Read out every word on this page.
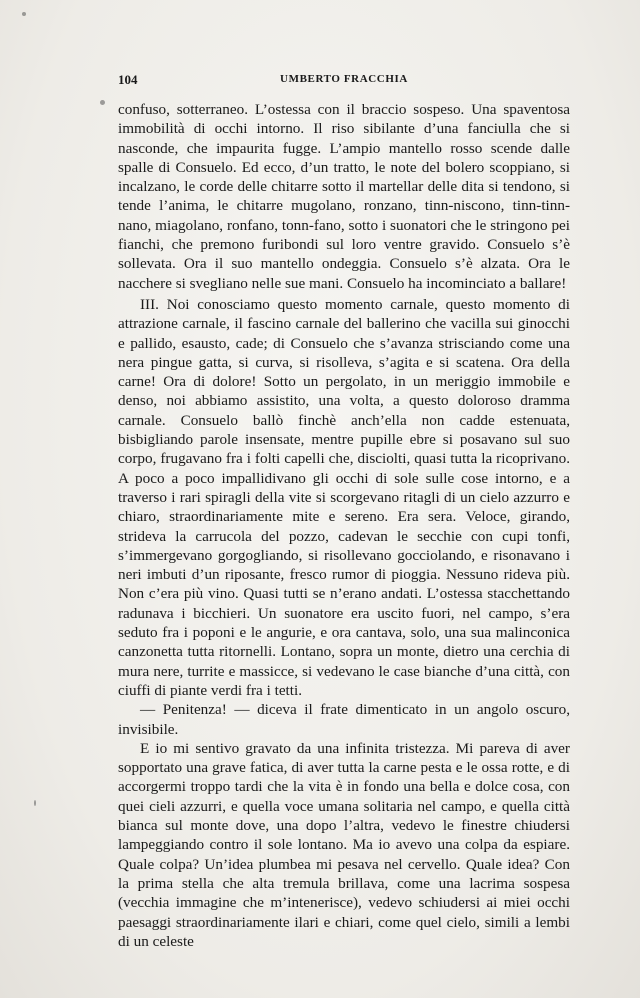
104	UMBERTO FRACCHIA

confuso, sotterraneo. L’ostessa con il braccio sospeso. Una spaventosa immobilità di occhi intorno. Il riso sibilante d’una fanciulla che si nasconde, che impaurita fugge. L’ampio mantello rosso scende dalle spalle di Consuelo. Ed ecco, d’un tratto, le note del bolero scoppiano, si incalzano, le corde delle chitarre sotto il martellar delle dita si tendono, si tende l’anima, le chitarre mugolano, ronzano, tinn-niscono, tinn-tinn-nano, miagolano, ronfano, tonn-fano, sotto i suonatori che le stringono pei fianchi, che premono furibondi sul loro ventre gravido. Consuelo s’è sollevata. Ora il suo mantello ondeggia. Consuelo s’è alzata. Ora le nacchere si svegliano nelle sue mani. Consuelo ha incominciato a ballare!

III. Noi conosciamo questo momento carnale, questo momento di attrazione carnale, il fascino carnale del ballerino che vacilla sui ginocchi e pallido, esausto, cade; di Consuelo che s’avanza strisciando come una nera pingue gatta, si curva, si risolleva, s’agita e si scatena. Ora della carne! Ora di dolore! Sotto un pergolato, in un meriggio immobile e denso, noi abbiamo assistito, una volta, a questo doloroso dramma carnale. Consuelo ballò finchè anch’ella non cadde estenuata, bisbigliando parole insensate, mentre pupille ebre si posavano sul suo corpo, frugavano fra i folti capelli che, disciolti, quasi tutta la ricoprivano. A poco a poco impallidivano gli occhi di sole sulle cose intorno, e a traverso i rari spiragli della vite si scorgevano ritagli di un cielo azzurro e chiaro, straordinariamente mite e sereno. Era sera. Veloce, girando, strideva la carrucola del pozzo, cadevan le secchie con cupi tonfi, s’immergevano gorgogliando, si risollevano gocciolando, e risonavano i neri imbuti d’un riposante, fresco rumor di pioggia. Nessuno rideva più. Non c’era più vino. Quasi tutti se n’erano andati. L’ostessa stacchettando radunava i bicchieri. Un suonatore era uscito fuori, nel campo, s’era seduto fra i poponi e le angurie, e ora cantava, solo, una sua malinconica canzonetta tutta ritornelli. Lontano, sopra un monte, dietro una cerchia di mura nere, turrite e massicce, si vedevano le case bianche d’una città, con ciuffi di piante verdi fra i tetti.

— Penitenza! — diceva il frate dimenticato in un angolo oscuro, invisibile.

E io mi sentivo gravato da una infinita tristezza. Mi pareva di aver sopportato una grave fatica, di aver tutta la carne pesta e le ossa rotte, e di accorgermi troppo tardi che la vita è in fondo una bella e dolce cosa, con quei cieli azzurri, e quella voce umana solitaria nel campo, e quella città bianca sul monte dove, una dopo l’altra, vedevo le finestre chiudersi lampeggiando contro il sole lontano. Ma io avevo una colpa da espiare. Quale colpa? Un’idea plumbea mi pesava nel cervello. Quale idea? Con la prima stella che alta tremula brillava, come una lacrima sospesa (vecchia immagine che m’intenerisce), vedevo schiudersi ai miei occhi paesaggi straordinariamente ilari e chiari, come quel cielo, simili a lembi di un celeste
